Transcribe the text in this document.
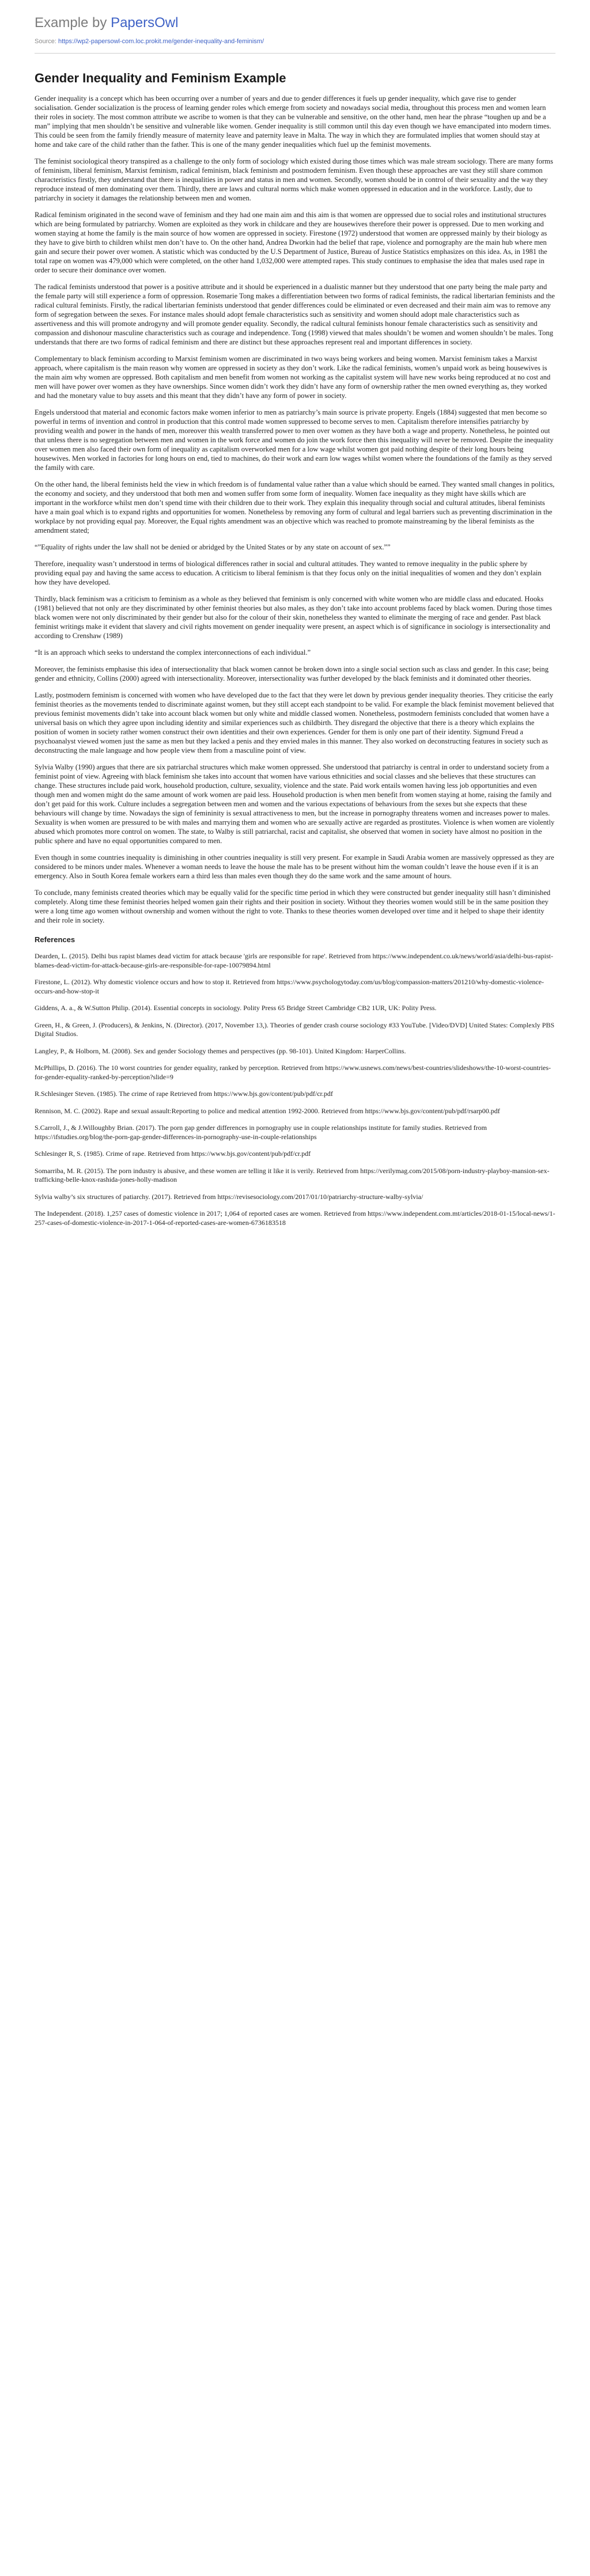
Example by PapersOwl
Source: https://wp2-papersowl-com.loc.prokit.me/gender-inequality-and-feminism/
Gender Inequality and Feminism Example

Gender inequality is a concept which has been occurring over a number of years and due to gender differences it fuels up gender inequality, which gave rise to gender socialisation. Gender socialization is the process of learning gender roles which emerge from society and nowadays social media, throughout this process men and women learn their roles in society. The most common attribute we ascribe to women is that they can be vulnerable and sensitive, on the other hand, men hear the phrase “toughen up and be a man” implying that men shouldn’t be sensitive and vulnerable like women. Gender inequality is still common until this day even though we have emancipated into modern times. This could be seen from the family friendly measure of maternity leave and paternity leave in Malta. The way in which they are formulated implies that women should stay at home and take care of the child rather than the father. This is one of the many gender inequalities which fuel up the feminist movements.

The feminist sociological theory transpired as a challenge to the only form of sociology which existed during those times which was male stream sociology. There are many forms of feminism, liberal feminism, Marxist feminism, radical feminism, black feminism and postmodern feminism. Even though these approaches are vast they still share common characteristics firstly, they understand that there is inequalities in power and status in men and women. Secondly, women should be in control of their sexuality and the way they reproduce instead of men dominating over them. Thirdly, there are laws and cultural norms which make women oppressed in education and in the workforce. Lastly, due to patriarchy in society it damages the relationship between men and women.

Radical feminism originated in the second wave of feminism and they had one main aim and this aim is that women are oppressed due to social roles and institutional structures which are being formulated by patriarchy. Women are exploited as they work in childcare and they are housewives therefore their power is oppressed. Due to men working and women staying at home the family is the main source of how women are oppressed in society. Firestone (1972) understood that women are oppressed mainly by their biology as they have to give birth to children whilst men don’t have to. On the other hand, Andrea Dworkin had the belief that rape, violence and pornography are the main hub where men gain and secure their power over women. A statistic which was conducted by the U.S Department of Justice, Bureau of Justice Statistics emphasizes on this idea. As, in 1981 the total rape on women was 479,000 which were completed, on the other hand 1,032,000 were attempted rapes. This study continues to emphasise the idea that males used rape in order to secure their dominance over women.

The radical feminists understood that power is a positive attribute and it should be experienced in a dualistic manner but they understood that one party being the male party and the female party will still experience a form of oppression. Rosemarie Tong makes a differentiation between two forms of radical feminists, the radical libertarian feminists and the radical cultural feminists. Firstly, the radical libertarian feminists understood that gender differences could be eliminated or even decreased and their main aim was to remove any form of segregation between the sexes. For instance males should adopt female characteristics such as sensitivity and women should adopt male characteristics such as assertiveness and this will promote androgyny and will promote gender equality. Secondly, the radical cultural feminists honour female characteristics such as sensitivity and compassion and dishonour masculine characteristics such as courage and independence. Tong (1998) viewed that males shouldn’t be women and women shouldn’t be males. Tong understands that there are two forms of radical feminism and there are distinct but these approaches represent real and important differences in society.

Complementary to black feminism according to Marxist feminism women are discriminated in two ways being workers and being women. Marxist feminism takes a Marxist approach, where capitalism is the main reason why women are oppressed in society as they don’t work. Like the radical feminists, women’s unpaid work as being housewives is the main aim why women are oppressed. Both capitalism and men benefit from women not working as the capitalist system will have new works being reproduced at no cost and men will have power over women as they have ownerships. Since women didn’t work they didn’t have any form of ownership rather the men owned everything as, they worked and had the monetary value to buy assets and this meant that they didn’t have any form of power in society.

Engels understood that material and economic factors make women inferior to men as patriarchy’s main source is private property. Engels (1884) suggested that men become so powerful in terms of invention and control in production that this control made women suppressed to become serves to men. Capitalism therefore intensifies patriarchy by providing wealth and power in the hands of men, moreover this wealth transferred power to men over women as they have both a wage and property. Nonetheless, he pointed out that unless there is no segregation between men and women in the work force and women do join the work force then this inequality will never be removed. Despite the inequality over women men also faced their own form of inequality as capitalism overworked men for a low wage whilst women got paid nothing despite of their long hours being housewives. Men worked in factories for long hours on end, tied to machines, do their work and earn low wages whilst women where the foundations of the family as they served the family with care.

On the other hand, the liberal feminists held the view in which freedom is of fundamental value rather than a value which should be earned. They wanted small changes in politics, the economy and society, and they understood that both men and women suffer from some form of inequality. Women face inequality as they might have skills which are important in the workforce whilst men don’t spend time with their children due to their work. They explain this inequality through social and cultural attitudes, liberal feminists have a main goal which is to expand rights and opportunities for women. Nonetheless by removing any form of cultural and legal barriers such as preventing discrimination in the workplace by not providing equal pay. Moreover, the Equal rights amendment was an objective which was reached to promote mainstreaming by the liberal feminists as the amendment stated;

“”Equality of rights under the law shall not be denied or abridged by the United States or by any state on account of sex.””

Therefore, inequality wasn’t understood in terms of biological differences rather in social and cultural attitudes. They wanted to remove inequality in the public sphere by providing equal pay and having the same access to education. A criticism to liberal feminism is that they focus only on the initial inequalities of women and they don’t explain how they have developed.

Thirdly, black feminism was a criticism to feminism as a whole as they believed that feminism is only concerned with white women who are middle class and educated. Hooks (1981) believed that not only are they discriminated by other feminist theories but also males, as they don’t take into account problems faced by black women. During those times black women were not only discriminated by their gender but also for the colour of their skin, nonetheless they wanted to eliminate the merging of race and gender. Past black feminist writings make it evident that slavery and civil rights movement on gender inequality were present, an aspect which is of significance in sociology is intersectionality and according to Crenshaw (1989)

“It is an approach which seeks to understand the complex interconnections of each individual.”

Moreover, the feminists emphasise this idea of intersectionality that black women cannot be broken down into a single social section such as class and gender. In this case; being gender and ethnicity, Collins (2000) agreed with intersectionality. Moreover, intersectionality was further developed by the black feminists and it dominated other theories.

Lastly, postmodern feminism is concerned with women who have developed due to the fact that they were let down by previous gender inequality theories. They criticise the early feminist theories as the movements tended to discriminate against women, but they still accept each standpoint to be valid. For example the black feminist movement believed that previous feminist movements didn’t take into account black women but only white and middle classed women. Nonetheless, postmodern feminists concluded that women have a universal basis on which they agree upon including identity and similar experiences such as childbirth. They disregard the objective that there is a theory which explains the position of women in society rather women construct their own identities and their own experiences. Gender for them is only one part of their identity. Sigmund Freud a psychoanalyst viewed women just the same as men but they lacked a penis and they envied males in this manner. They also worked on deconstructing features in society such as deconstructing the male language and how people view them from a masculine point of view.

Sylvia Walby (1990) argues that there are six patriarchal structures which make women oppressed. She understood that patriarchy is central in order to understand society from a feminist point of view. Agreeing with black feminism she takes into account that women have various ethnicities and social classes and she believes that these structures can change. These structures include paid work, household production, culture, sexuality, violence and the state. Paid work entails women having less job opportunities and even though men and women might do the same amount of work women are paid less. Household production is when men benefit from women staying at home, raising the family and don’t get paid for this work. Culture includes a segregation between men and women and the various expectations of behaviours from the sexes but she expects that these behaviours will change by time. Nowadays the sign of femininity is sexual attractiveness to men, but the increase in pornography threatens women and increases power to males. Sexuality is when women are pressured to be with males and marrying them and women who are sexually active are regarded as prostitutes. Violence is when women are violently abused which promotes more control on women. The state, to Walby is still patriarchal, racist and capitalist, she observed that women in society have almost no position in the public sphere and have no equal opportunities compared to men.

Even though in some countries inequality is diminishing in other countries inequality is still very present. For example in Saudi Arabia women are massively oppressed as they are considered to be minors under males. Whenever a woman needs to leave the house the male has to be present without him the woman couldn’t leave the house even if it is an emergency. Also in South Korea female workers earn a third less than males even though they do the same work and the same amount of hours.

To conclude, many feminists created theories which may be equally valid for the specific time period in which they were constructed but gender inequality still hasn’t diminished completely. Along time these feminist theories helped women gain their rights and their position in society. Without they theories women would still be in the same position they were a long time ago women without ownership and women without the right to vote. Thanks to these theories women developed over time and it helped to shape their identity and their role in society.

References

Dearden, L. (2015). Delhi bus rapist blames dead victim for attack because 'girls are responsible for rape'. Retrieved from https://www.independent.co.uk/news/world/asia/delhi-bus-rapist-blames-dead-victim-for-attack-because-girls-are-responsible-for-rape-10079894.html

Firestone, L. (2012). Why domestic violence occurs and how to stop it. Retrieved from https://www.psychologytoday.com/us/blog/compassion-matters/201210/why-domestic-violence-occurs-and-how-stop-it

Giddens, A. a., & W.Sutton Philip. (2014). Essential concepts in sociology. Polity Press 65 Bridge Street Cambridge CB2 1UR, UK: Polity Press.

Green, H., & Green, J. (Producers), & Jenkins, N. (Director). (2017, November 13,). Theories of gender crash course sociology #33 YouTube. [Video/DVD] United States: Complexly PBS Digital Studios.

Langley, P., & Holborn, M. (2008). Sex and gender Sociology themes and perspectives (pp. 98-101). United Kingdom: HarperCollins.

McPhillips, D. (2016). The 10 worst countries for gender equality, ranked by perception. Retrieved from https://www.usnews.com/news/best-countries/slideshows/the-10-worst-countries-for-gender-equality-ranked-by-perception?slide=9

R.Schlesinger Steven. (1985). The crime of rape Retrieved from https://www.bjs.gov/content/pub/pdf/cr.pdf

Rennison, M. C. (2002). Rape and sexual assault:Reporting to police and medical attention 1992-2000. Retrieved from https://www.bjs.gov/content/pub/pdf/rsarp00.pdf

S.Carroll, J., & J.Willoughby Brian. (2017). The porn gap gender differences in pornography use in couple relationships institute for family studies. Retrieved from https://ifstudies.org/blog/the-porn-gap-gender-differences-in-pornography-use-in-couple-relationships

Schlesinger R, S. (1985). Crime of rape. Retrieved from https://www.bjs.gov/content/pub/pdf/cr.pdf

Somarriba, M. R. (2015). The porn industry is abusive, and these women are telling it like it is verily. Retrieved from https://verilymag.com/2015/08/porn-industry-playboy-mansion-sex-trafficking-belle-knox-rashida-jones-holly-madison

Sylvia walby’s six structures of patiarchy. (2017). Retrieved from https://revisesociology.com/2017/01/10/patriarchy-structure-walby-sylvia/

The Independent. (2018). 1,257 cases of domestic violence in 2017; 1,064 of reported cases are women. Retrieved from https://www.independent.com.mt/articles/2018-01-15/local-news/1-257-cases-of-domestic-violence-in-2017-1-064-of-reported-cases-are-women-6736183518
